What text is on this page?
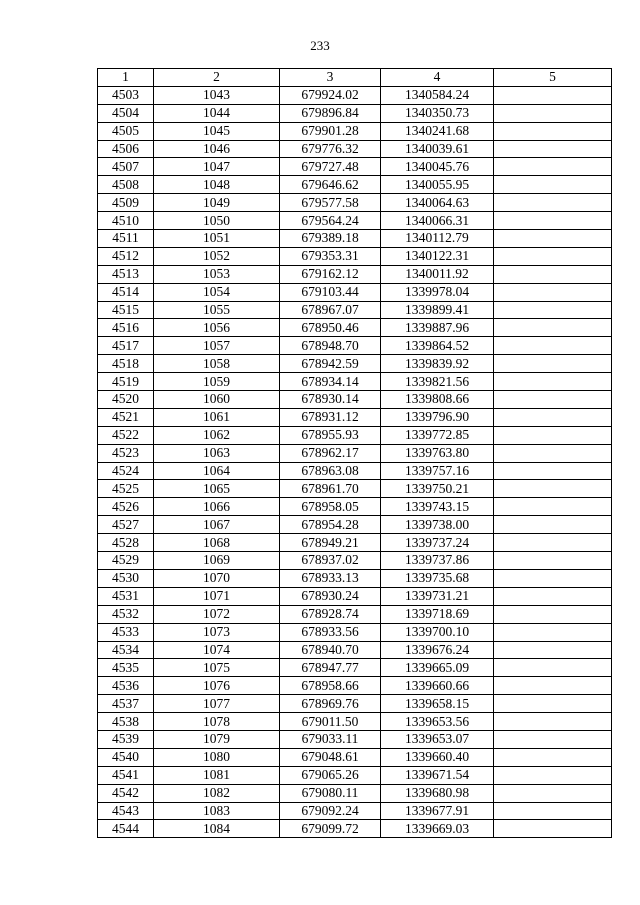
233
1	2	3	4	5
4503	1043	679924.02	1340584.24	
4504	1044	679896.84	1340350.73	
4505	1045	679901.28	1340241.68	
4506	1046	679776.32	1340039.61	
4507	1047	679727.48	1340045.76	
4508	1048	679646.62	1340055.95	
4509	1049	679577.58	1340064.63	
4510	1050	679564.24	1340066.31	
4511	1051	679389.18	1340112.79	
4512	1052	679353.31	1340122.31	
4513	1053	679162.12	1340011.92	
4514	1054	679103.44	1339978.04	
4515	1055	678967.07	1339899.41	
4516	1056	678950.46	1339887.96	
4517	1057	678948.70	1339864.52	
4518	1058	678942.59	1339839.92	
4519	1059	678934.14	1339821.56	
4520	1060	678930.14	1339808.66	
4521	1061	678931.12	1339796.90	
4522	1062	678955.93	1339772.85	
4523	1063	678962.17	1339763.80	
4524	1064	678963.08	1339757.16	
4525	1065	678961.70	1339750.21	
4526	1066	678958.05	1339743.15	
4527	1067	678954.28	1339738.00	
4528	1068	678949.21	1339737.24	
4529	1069	678937.02	1339737.86	
4530	1070	678933.13	1339735.68	
4531	1071	678930.24	1339731.21	
4532	1072	678928.74	1339718.69	
4533	1073	678933.56	1339700.10	
4534	1074	678940.70	1339676.24	
4535	1075	678947.77	1339665.09	
4536	1076	678958.66	1339660.66	
4537	1077	678969.76	1339658.15	
4538	1078	679011.50	1339653.56	
4539	1079	679033.11	1339653.07	
4540	1080	679048.61	1339660.40	
4541	1081	679065.26	1339671.54	
4542	1082	679080.11	1339680.98	
4543	1083	679092.24	1339677.91	
4544	1084	679099.72	1339669.03	
